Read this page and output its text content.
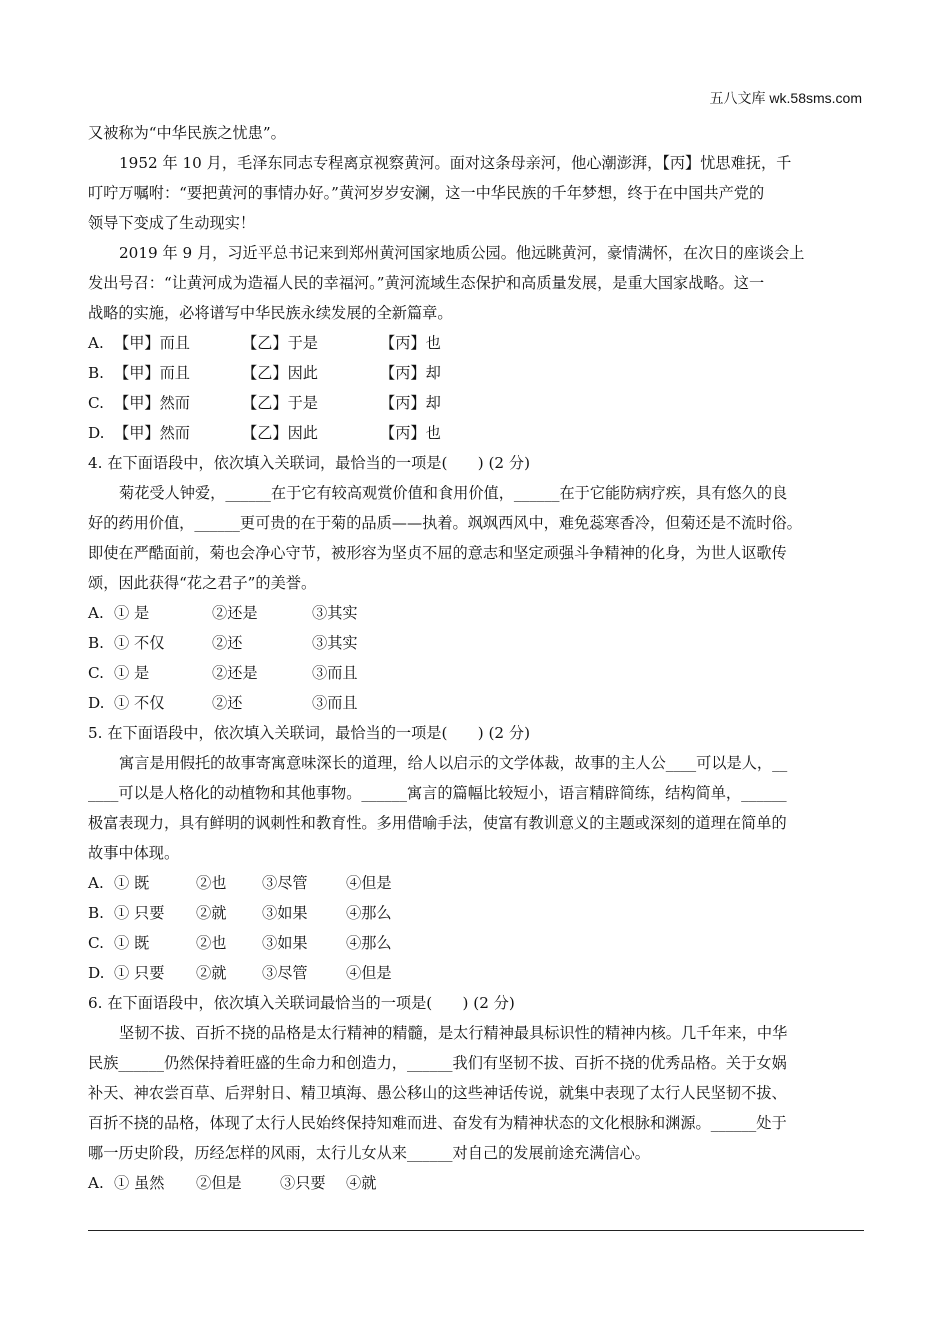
五八文库 wk.58sms.com
又被称为“中华民族之忧患”。
1952 年 10 月，毛泽东同志专程离京视察黄河。面对这条母亲河，他心潮澎湃，【丙】忧思难抚，千
叮咛万嘱咐：“要把黄河的事情办好。”黄河岁岁安澜，这一中华民族的千年梦想，终于在中国共产党的
领导下变成了生动现实！
2019 年 9 月，习近平总书记来到郑州黄河国家地质公园。他远眺黄河，豪情满怀，在次日的座谈会上
发出号召：“让黄河成为造福人民的幸福河。”黄河流域生态保护和高质量发展，是重大国家战略。这一
战略的实施，必将谱写中华民族永续发展的全新篇章。
A. 【甲】而且	【乙】于是	【丙】也
B. 【甲】而且	【乙】因此	【丙】却
C. 【甲】然而	【乙】于是	【丙】却
D. 【甲】然而	【乙】因此	【丙】也
4. 在下面语段中，依次填入关联词，最恰当的一项是(　　) (2 分)
菊花受人钟爱，______在于它有较高观赏价值和食用价值，______在于它能防病疗疾，具有悠久的良
好的药用价值，______更可贵的在于菊的品质——执着。飒飒西风中，难免蕊寒香冷，但菊还是不流时俗。
即使在严酷面前，菊也会净心守节，被形容为坚贞不屈的意志和坚定顽强斗争精神的化身，为世人讴歌传
颂，因此获得“花之君子”的美誉。
A. ① 是	②还是	③其实
B. ① 不仅	②还	③其实
C. ① 是	②还是	③而且
D. ① 不仅	②还	③而且
5. 在下面语段中，依次填入关联词，最恰当的一项是(　　) (2 分)
寓言是用假托的故事寄寓意味深长的道理，给人以启示的文学体裁，故事的主人公____可以是人，__
____可以是人格化的动植物和其他事物。______寓言的篇幅比较短小，语言精辟简练，结构简单，______
极富表现力，具有鲜明的讽刺性和教育性。多用借喻手法，使富有教训意义的主题或深刻的道理在简单的
故事中体现。
A. ① 既	②也	③尽管	④但是
B. ① 只要	②就	③如果	④那么
C. ① 既	②也	③如果	④那么
D. ① 只要	②就	③尽管	④但是
6. 在下面语段中，依次填入关联词最恰当的一项是(　　) (2 分)
坚韧不拔、百折不挠的品格是太行精神的精髓，是太行精神最具标识性的精神内核。几千年来，中华
民族______仍然保持着旺盛的生命力和创造力，______我们有坚韧不拔、百折不挠的优秀品格。关于女娲
补天、神农尝百草、后羿射日、精卫填海、愚公移山的这些神话传说，就集中表现了太行人民坚韧不拔、
百折不挠的品格，体现了太行人民始终保持知难而进、奋发有为精神状态的文化根脉和渊源。______处于
哪一历史阶段，历经怎样的风雨，太行儿女从来______对自己的发展前途充满信心。
A. ① 虽然	②但是	③只要	④就
